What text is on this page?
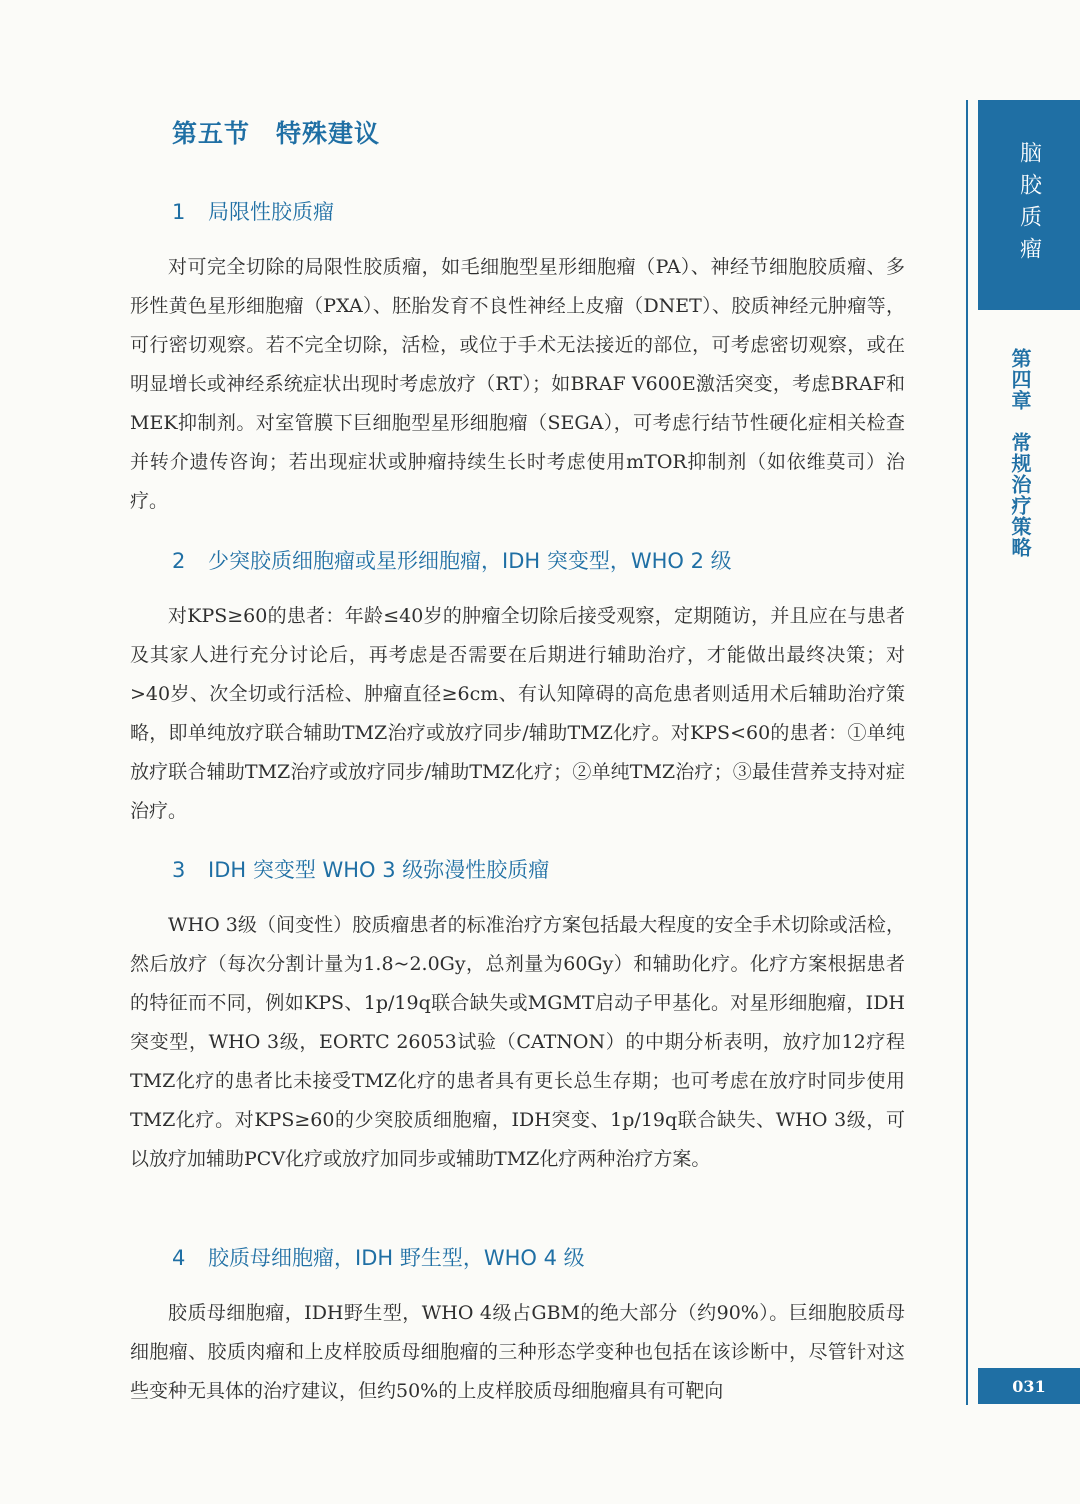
第五节　特殊建议
1 局限性胶质瘤
对可完全切除的局限性胶质瘤，如毛细胞型星形细胞瘤（PA）、神经节细胞胶质瘤、多形性黄色星形细胞瘤（PXA）、胚胎发育不良性神经上皮瘤（DNET）、胶质神经元肿瘤等，可行密切观察。若不完全切除，活检，或位于手术无法接近的部位，可考虑密切观察，或在明显增长或神经系统症状出现时考虑放疗（RT）；如BRAF V600E激活突变，考虑BRAF和MEK抑制剂。对室管膜下巨细胞型星形细胞瘤（SEGA），可考虑行结节性硬化症相关检查并转介遗传咨询；若出现症状或肿瘤持续生长时考虑使用mTOR抑制剂（如依维莫司）治疗。
2 少突胶质细胞瘤或星形细胞瘤，IDH 突变型，WHO 2 级
对KPS≥60的患者：年龄≤40岁的肿瘤全切除后接受观察，定期随访，并且应在与患者及其家人进行充分讨论后，再考虑是否需要在后期进行辅助治疗，才能做出最终决策；对>40岁、次全切或行活检、肿瘤直径≥6cm、有认知障碍的高危患者则适用术后辅助治疗策略，即单纯放疗联合辅助TMZ治疗或放疗同步/辅助TMZ化疗。对KPS<60的患者：①单纯放疗联合辅助TMZ治疗或放疗同步/辅助TMZ化疗；②单纯TMZ治疗；③最佳营养支持对症治疗。
3 IDH 突变型 WHO 3 级弥漫性胶质瘤
WHO 3级（间变性）胶质瘤患者的标准治疗方案包括最大程度的安全手术切除或活检，然后放疗（每次分割计量为1.8~2.0Gy，总剂量为60Gy）和辅助化疗。化疗方案根据患者的特征而不同，例如KPS、1p/19q联合缺失或MGMT启动子甲基化。对星形细胞瘤，IDH突变型，WHO 3级，EORTC 26053试验（CATNON）的中期分析表明，放疗加12疗程TMZ化疗的患者比未接受TMZ化疗的患者具有更长总生存期；也可考虑在放疗时同步使用TMZ化疗。对KPS≥60的少突胶质细胞瘤，IDH突变、1p/19q联合缺失、WHO 3级，可以放疗加辅助PCV化疗或放疗加同步或辅助TMZ化疗两种治疗方案。
4 胶质母细胞瘤，IDH 野生型，WHO 4 级
胶质母细胞瘤，IDH野生型，WHO 4级占GBM的绝大部分（约90%）。巨细胞胶质母细胞瘤、胶质肉瘤和上皮样胶质母细胞瘤的三种形态学变种也包括在该诊断中，尽管针对这些变种无具体的治疗建议，但约50%的上皮样胶质母细胞瘤具有可靶向
脑胶质瘤
第四章　常规治疗策略
031
